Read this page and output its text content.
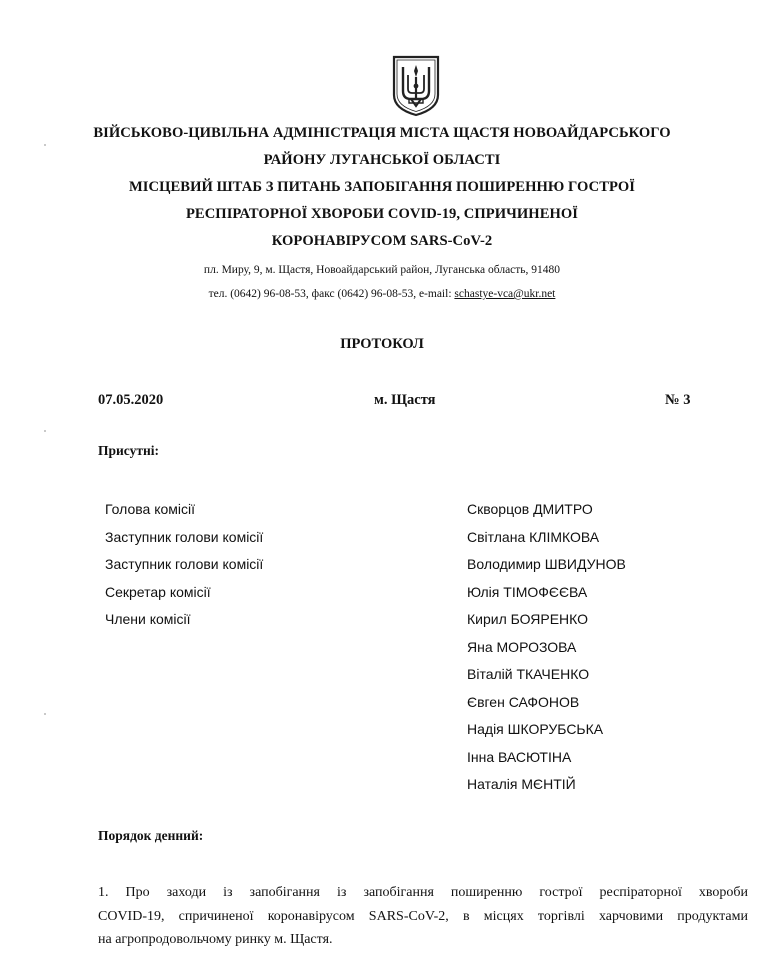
ВІЙСЬКОВО-ЦИВІЛЬНА АДМІНІСТРАЦІЯ МІСТА ЩАСТЯ НОВОАЙДАРСЬКОГО
РАЙОНУ ЛУГАНСЬКОЇ ОБЛАСТІ
МІСЦЕВИЙ ШТАБ З ПИТАНЬ ЗАПОБІГАННЯ ПОШИРЕННЮ ГОСТРОЇ
РЕСПІРАТОРНОЇ ХВОРОБИ COVID-19, СПРИЧИНЕНОЇ
КОРОНАВІРУСОМ SARS-CoV-2
пл. Миру, 9, м. Щастя, Новоайдарський район, Луганська область, 91480
тел. (0642) 96-08-53, факс (0642) 96-08-53, e-mail: schastye-vca@ukr.net
ПРОТОКОЛ
07.05.2020	м. Щастя	№ 3
Присутні:
Голова комісії
Заступник голови комісії
Заступник голови комісії
Секретар комісії
Члени комісії
Скворцов ДМИТРО
Світлана КЛІМКОВА
Володимир ШВИДУНОВ
Юлія ТІМОФЄЄВА
Кирил БОЯРЕНКО
Яна МОРОЗОВА
Віталій ТКАЧЕНКО
Євген САФОНОВ
Надія ШКОРУБСЬКА
Інна ВАСЮТІНА
Наталія МЄНТІЙ
Порядок денний:
1. Про заходи із запобігання із запобігання поширенню гострої респіраторної хвороби
COVID-19, спричиненої коронавірусом SARS-CoV-2, в місцях торгівлі харчовими продуктами
на агропродовольчому ринку м. Щастя.
